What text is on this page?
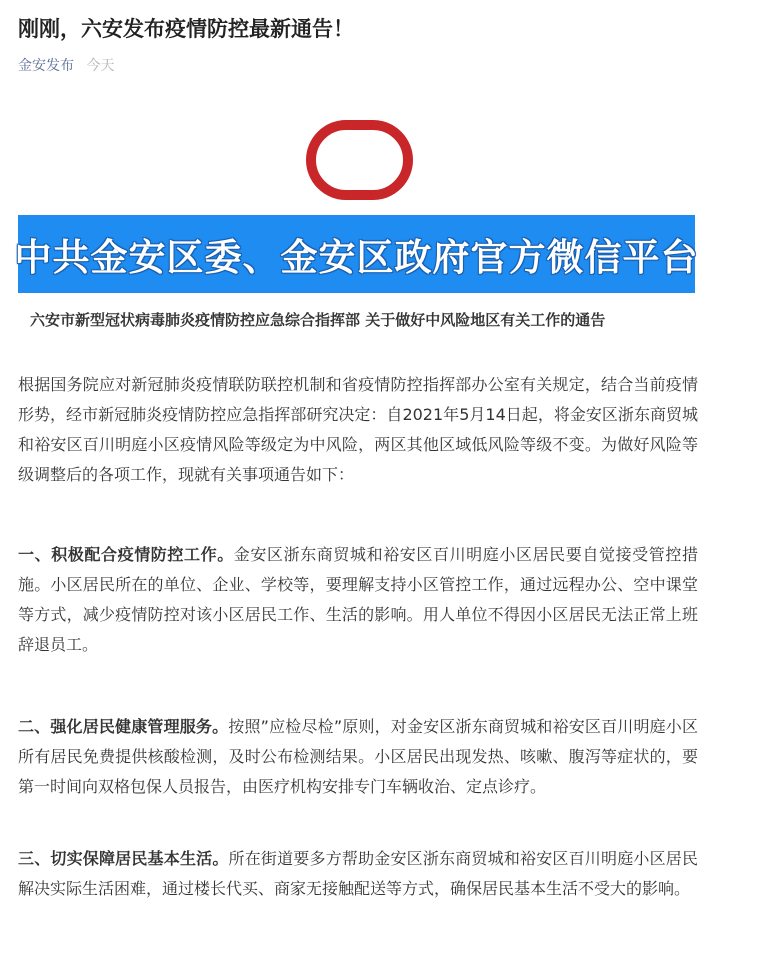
刚刚，六安发布疫情防控最新通告！
金安发布 今天
中共金安区委、金安区政府官方微信平台
六安市新型冠状病毒肺炎疫情防控应急综合指挥部 关于做好中风险地区有关工作的通告

根据国务院应对新冠肺炎疫情联防联控机制和省疫情防控指挥部办公室有关规定，结合当前疫情形势，经市新冠肺炎疫情防控应急指挥部研究决定：自2021年5月14日起，将金安区浙东商贸城和裕安区百川明庭小区疫情风险等级定为中风险，两区其他区域低风险等级不变。为做好风险等级调整后的各项工作，现就有关事项通告如下：

一、积极配合疫情防控工作。金安区浙东商贸城和裕安区百川明庭小区居民要自觉接受管控措施。小区居民所在的单位、企业、学校等，要理解支持小区管控工作，通过远程办公、空中课堂等方式，减少疫情防控对该小区居民工作、生活的影响。用人单位不得因小区居民无法正常上班辞退员工。

二、强化居民健康管理服务。按照”应检尽检”原则，对金安区浙东商贸城和裕安区百川明庭小区所有居民免费提供核酸检测，及时公布检测结果。小区居民出现发热、咳嗽、腹泻等症状的，要第一时间向双格包保人员报告，由医疗机构安排专门车辆收治、定点诊疗。

三、切实保障居民基本生活。所在街道要多方帮助金安区浙东商贸城和裕安区百川明庭小区居民解决实际生活困难，通过楼长代买、商家无接触配送等方式，确保居民基本生活不受大的影响。
